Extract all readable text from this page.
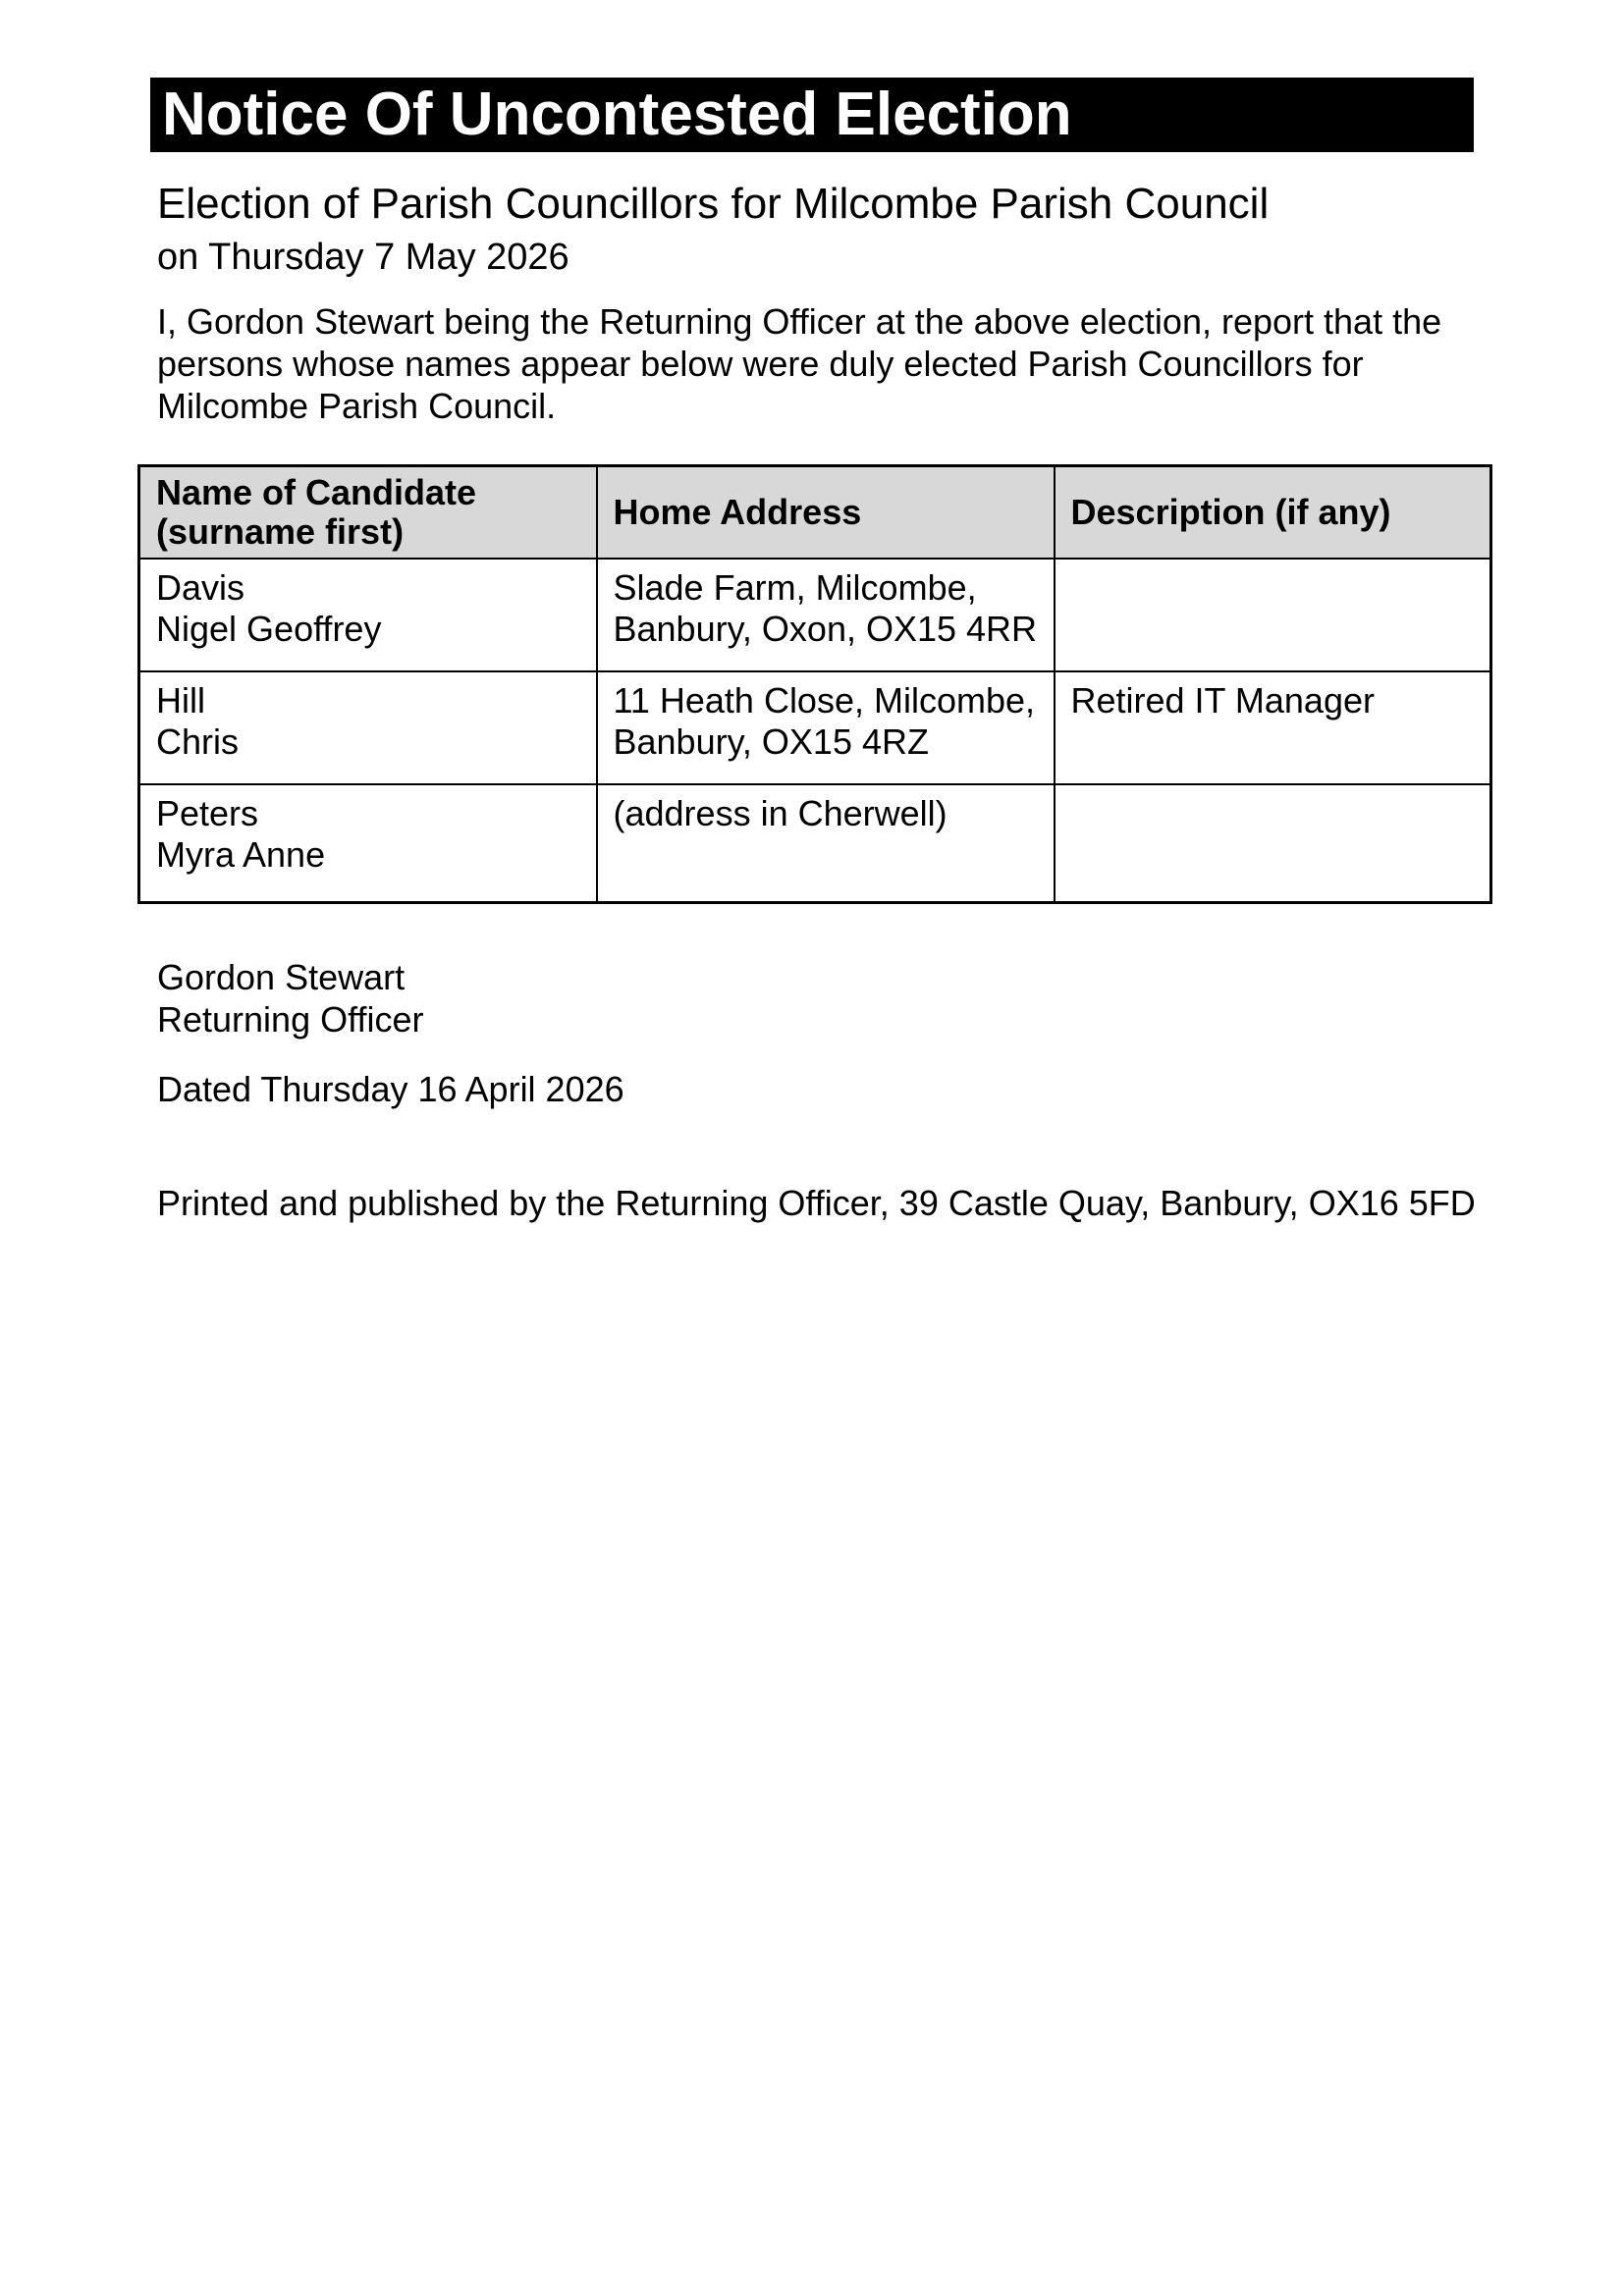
Notice Of Uncontested Election
Election of Parish Councillors for Milcombe Parish Council
on Thursday 7 May 2026
I, Gordon Stewart being the Returning Officer at the above election, report that the persons whose names appear below were duly elected Parish Councillors for Milcombe Parish Council.
Name of Candidate (surname first)	Home Address	Description (if any)

Davis
Nigel Geoffrey	Slade Farm, Milcombe, Banbury, Oxon, OX15 4RR	

Hill
Chris	11 Heath Close, Milcombe, Banbury, OX15 4RZ	Retired IT Manager

Peters
Myra Anne	(address in Cherwell)	
Gordon Stewart
Returning Officer
Dated Thursday 16 April 2026
Printed and published by the Returning Officer, 39 Castle Quay, Banbury, OX16 5FD
